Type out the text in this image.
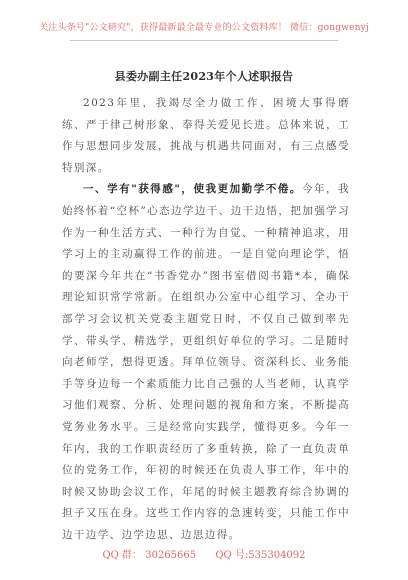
关注头条号"公文研究"，获得最新最全最专业的公文资料库！ 微信：gongwenyj
县委办副主任2023年个人述职报告

2023年里，我竭尽全力做工作、困境大事得磨练、严于律己树形象、奉得关爱见长进。总体来说，工作与思想同步发展，挑战与机遇共同面对，有三点感受特别深。

一、学有"获得感"，使我更加勤学不倦。今年，我始终怀着“空杯”心态边学边干、边干边悟，把加强学习作为一种生活方式、一种行为自觉、一种精神追求，用学习上的主动赢得工作的前进。一是自觉向理论学，悟的要深今年共在“书香党办”图书室借阅书籍*本，确保理论知识常学常新。在组织办公室中心组学习、全办干部学习会议机关党委主题党日时，不仅自己做到率先学、带头学、精选学，更组织好单位的学习。二是随时向老师学，想得更透。拜单位领导、资深科长、业务能手等身边每一个素质能力比自己强的人当老师，认真学习他们观察、分析、处理问题的视角和方案，不断提高党务业务水平。三是经常向实践学，懂得更多。今年一年内，我的工作职责经历了多重转换，除了一直负责单位的党务工作，年初的时候还在负责人事工作，年中的时候又协助会议工作，年尾的时候主题教育综合协调的担子又压在身。这些工作内容的急速转变，只能工作中边干边学、边学边思、边思边得。

QQ 群： 30265665 QQ 号:535304092
